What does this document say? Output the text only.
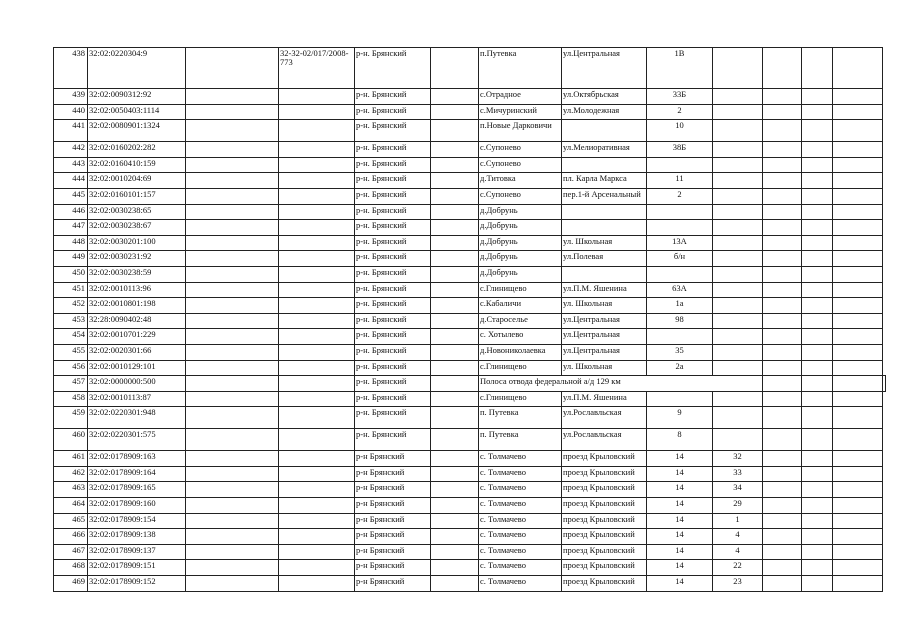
438	32:02:0220304:9		32-32-02/017/2008-773	р-н. Брянский		п.Путевка	ул.Центральная	1В					
439	32:02:0090312:92			р-н. Брянский		с.Отрадное	ул.Октябрьская	33Б					
440	32:02:0050403:1114			р-н. Брянский		с.Мичуринский	ул.Молодежная	2					
441	32:02:0080901:1324			р-н. Брянский		п.Новые Дарковичи		10					
442	32:02:0160202:282			р-н. Брянский		с.Супонево	ул.Мелиоративная	38Б					
443	32:02:0160410:159			р-н. Брянский		с.Супонево							
444	32:02:0010204:69			р-н. Брянский		д.Титовка	пл. Карла Маркса	11					
445	32:02:0160101:157			р-н. Брянский		с.Супонево	пер.1-й Арсенальный	2					
446	32:02:0030238:65			р-н. Брянский		д.Добрунь							
447	32:02:0030238:67			р-н. Брянский		д.Добрунь							
448	32:02:0030201:100			р-н. Брянский		д.Добрунь	ул. Школьная	13А					
449	32:02:0030231:92			р-н. Брянский		д.Добрунь	ул.Полевая	б/н					
450	32:02:0030238:59			р-н. Брянский		д.Добрунь							
451	32:02:0010113:96			р-н. Брянский		с.Глинищево	ул.П.М. Яшенина	63А					
452	32:02:0010801:198			р-н. Брянский		с.Кабаличи	ул. Школьная	1а					
453	32:28:0090402:48			р-н. Брянский		д.Староселье	ул.Центральная	98					
454	32:02:0010701:229			р-н. Брянский		с. Хотылево	ул.Центральная						
455	32:02:0020301:66			р-н. Брянский		д.Новониколаевка	ул.Центральная	35					
456	32:02:0010129:101			р-н. Брянский		с.Глинищево	ул. Школьная	2а					
457	32:02:0000000:500			р-н. Брянский		Полоса отвода федеральной а/д 129 км							
458	32:02:0010113:87			р-н. Брянский		с.Глинищево	ул.П.М. Яшенина						
459	32:02:0220301:948			р-н. Брянский		п. Путевка	ул.Рославльская	9					
460	32:02:0220301:575			р-н. Брянский		п. Путевка	ул.Рославльская	8					
461	32:02:0178909:163			р-н Брянский		с. Толмачево	проезд Крыловский	14	32				
462	32:02:0178909:164			р-н Брянский		с. Толмачево	проезд Крыловский	14	33				
463	32:02:0178909:165			р-н Брянский		с. Толмачево	проезд Крыловский	14	34				
464	32:02:0178909:160			р-н Брянский		с. Толмачево	проезд Крыловский	14	29				
465	32:02:0178909:154			р-н Брянский		с. Толмачево	проезд Крыловский	14	1				
466	32:02:0178909:138			р-н Брянский		с. Толмачево	проезд Крыловский	14	4				
467	32:02:0178909:137			р-н Брянский		с. Толмачево	проезд Крыловский	14	4				
468	32:02:0178909:151			р-н Брянский		с. Толмачево	проезд Крыловский	14	22				
469	32:02:0178909:152			р-н Брянский		с. Толмачево	проезд Крыловский	14	23				
